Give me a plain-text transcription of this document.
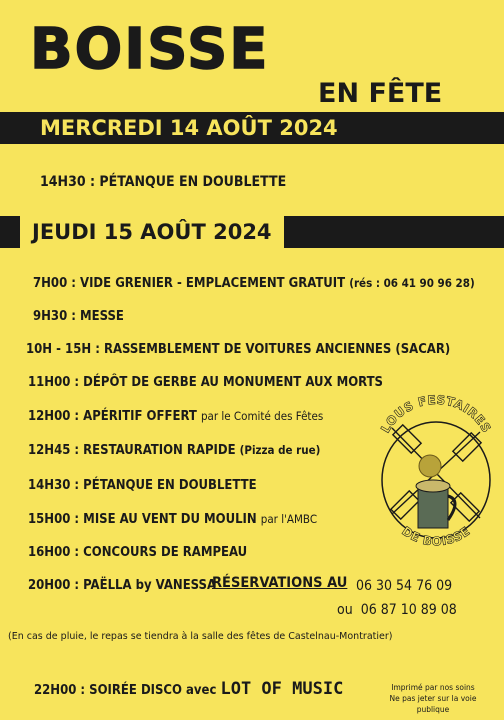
BOISSE
EN FÊTE
MERCREDI 14 AOÛT 2024
14H30 : PÉTANQUE EN DOUBLETTE
JEUDI 15 AOÛT 2024
7H00 : VIDE GRENIER - EMPLACEMENT GRATUIT (rés : 06 41 90 96 28)
9H30 : MESSE
10H - 15H : RASSEMBLEMENT DE VOITURES ANCIENNES (SACAR)
11H00 : DÉPÔT DE GERBE AU MONUMENT AUX MORTS
12H00 : APÉRITIF OFFERT par le Comité des Fêtes
12H45 : RESTAURATION RAPIDE (Pizza de rue)
14H30 : PÉTANQUE EN DOUBLETTE
15H00 : MISE AU VENT DU MOULIN par l'AMBC
16H00 : CONCOURS DE RAMPEAU
20H00 : PAËLLA by VANESSA
RÉSERVATIONS AU 06 30 54 76 09
ou 06 87 10 89 08
(En cas de pluie, le repas se tiendra à la salle des fêtes de Castelnau-Montratier)
22H00 : SOIRÉE DISCO avec LOT OF MUSIC	Imprimé par nos soins
Ne pas jeter sur la voie publique
LOUS FESTAIRES
DE BOISSE
